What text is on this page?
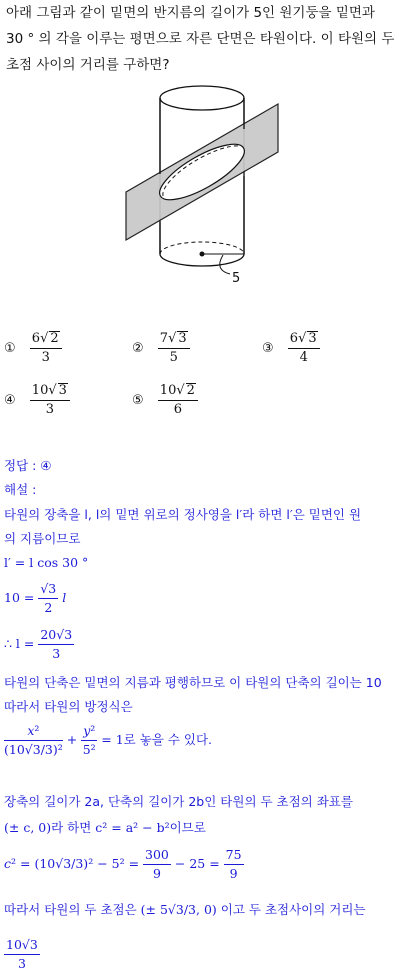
아래 그림과 같이 밑면의 반지름의 길이가 5인 원기둥을 밑면과
30 ° 의 각을 이루는 평면으로 자른 단면은 타원이다. 이 타원의 두
초점 사이의 거리를 구하면?
5
① $\frac{6√ 2}{3}$	② $\frac{7√ 3}{5}$	③ $\frac{6√ 3}{4}$
④ $\frac{10√ 3}{3}$	⑤ $\frac{10√ 2}{6}$
정답 : ④
해설 :
타원의 장축을 l, l의 밑면 위로의 정사영을 l′라 하면 l′은 밑면인 원
의 지름이므로
l′ = l cos 30 °
$10 = \frac{√3}{2}$ l
∴ $l = \frac{20√3}{3}$
타원의 단축은 밑면의 지름과 평행하므로 이 타원의 단축의 길이는 10
따라서 타원의 방정식은
$\frac{\text{x²}}{\text{(10√3/3)²}} + \frac{\text{y²}}{\text{5²}} = 1$로 놓을 수 있다.
장축의 길이가 2a, 단축의 길이가 2b인 타원의 두 초점의 좌표를
(± c, 0)라 하면 c² = a² − b²이므로
$c^2 = (10√3/3)^2 - 5^2 = \frac{300}{9} - 25 = \frac{75}{9}$
따라서 타원의 두 초점은 (± 5√3/3, 0) 이고 두 초점사이의 거리는
$\frac{10√3}{3}$
